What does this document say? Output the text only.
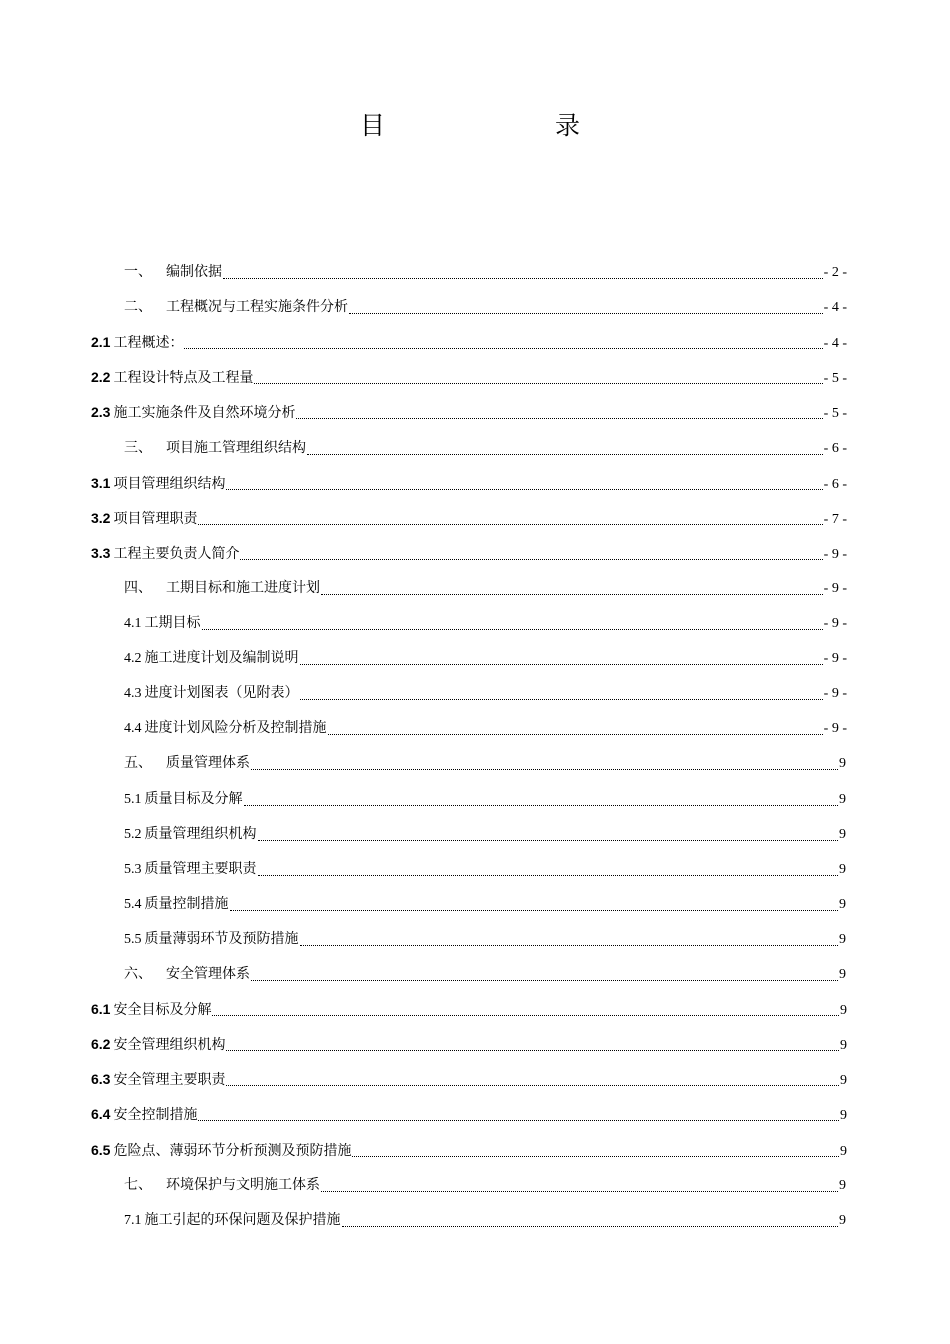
目　　录
一、	编制依据	- 2 -
二、	工程概况与工程实施条件分析	- 4 -
2.1 工程概述：	- 4 -
2.2 工程设计特点及工程量	- 5 -
2.3 施工实施条件及自然环境分析	- 5 -
三、	项目施工管理组织结构	- 6 -
3.1 项目管理组织结构	- 6 -
3.2 项目管理职责	- 7 -
3.3 工程主要负责人简介	- 9 -
四、	工期目标和施工进度计划	- 9 -
4.1 工期目标	- 9 -
4.2 施工进度计划及编制说明	- 9 -
4.3 进度计划图表（见附表）	- 9 -
4.4 进度计划风险分析及控制措施	- 9 -
五、	质量管理体系	9
5.1 质量目标及分解	9
5.2 质量管理组织机构	9
5.3 质量管理主要职责	9
5.4 质量控制措施	9
5.5 质量薄弱环节及预防措施	9
六、	安全管理体系	9
6.1 安全目标及分解	9
6.2 安全管理组织机构	9
6.3 安全管理主要职责	9
6.4 安全控制措施	9
6.5 危险点、薄弱环节分析预测及预防措施	9
七、	环境保护与文明施工体系	9
7.1 施工引起的环保问题及保护措施	9
